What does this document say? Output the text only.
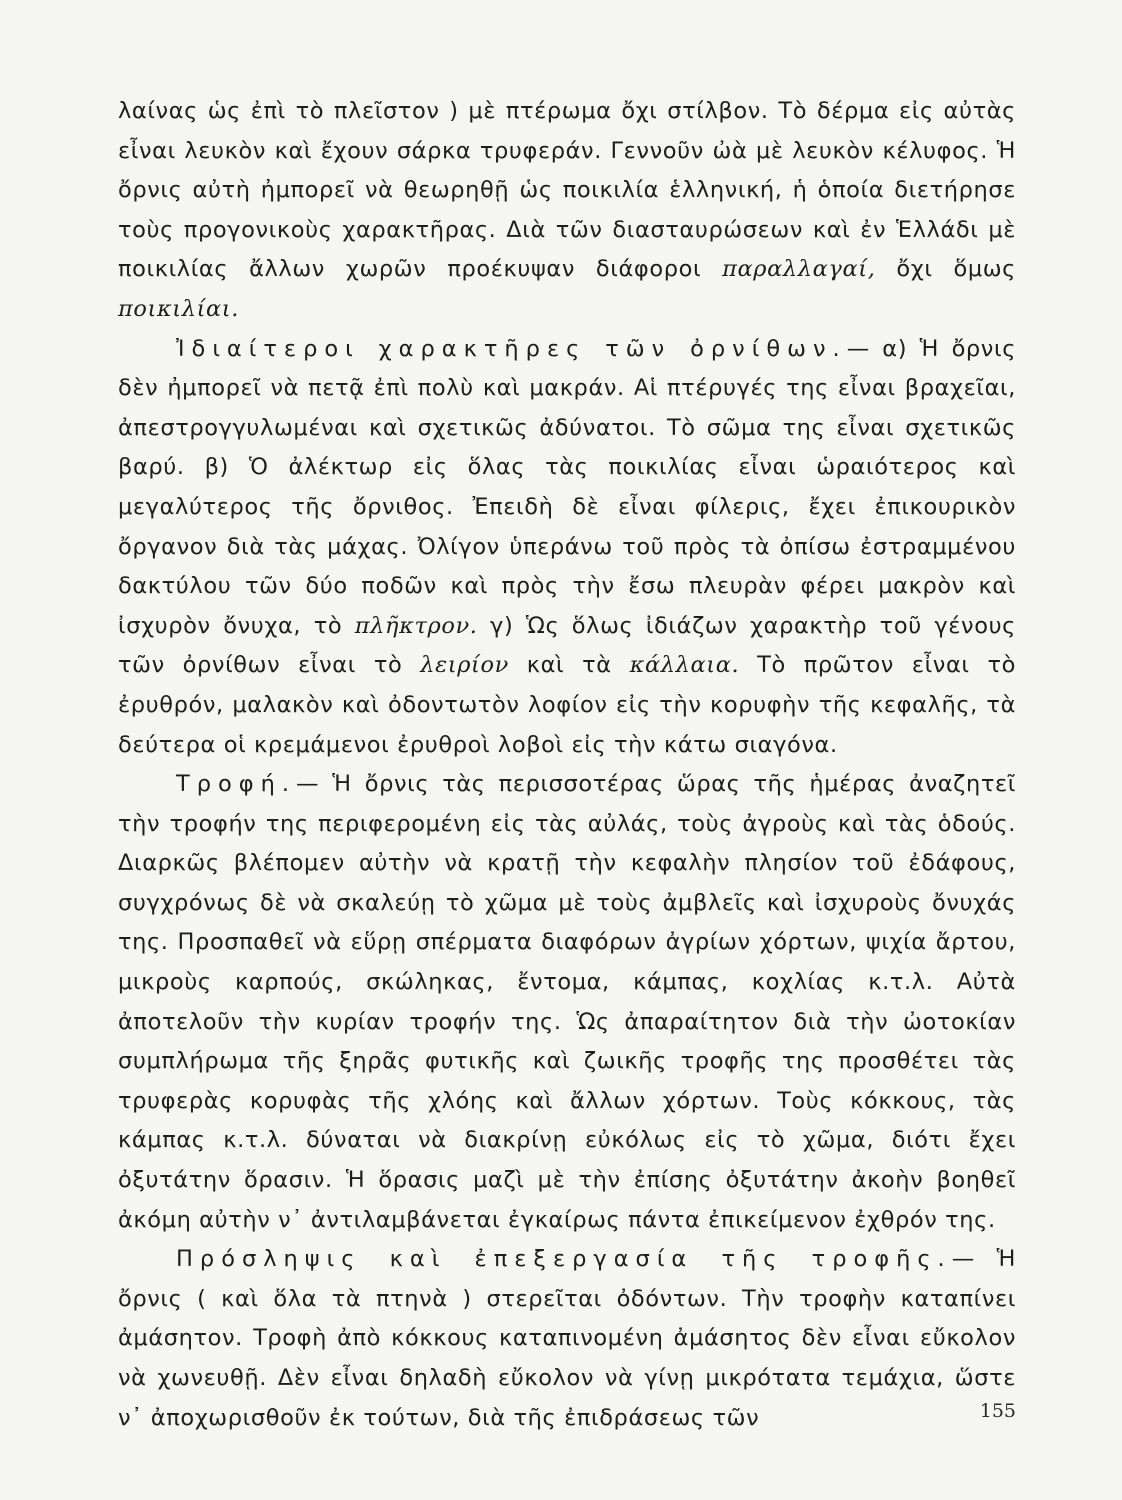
λαίνας ὡς ἐπὶ τὸ πλεῖστον ) μὲ πτέρωμα ὄχι στίλβον. Τὸ δέρμα εἰς αὐτὰς εἶναι λευκὸν καὶ ἔχουν σάρκα τρυφεράν. Γεννοῦν ὠὰ μὲ λευκὸν κέλυφος. Ἡ ὄρνις αὐτὴ ἠμπορεῖ νὰ θεωρηθῇ ὡς ποικιλία ἑλληνική, ἡ ὁποία διετήρησε τοὺς προγονικοὺς χαρακτῆρας. Διὰ τῶν διασταυρώσεων καὶ ἐν Ἑλλάδι μὲ ποικιλίας ἄλλων χωρῶν προέκυψαν διάφοροι παραλλαγαί, ὄχι ὅμως ποικιλίαι.

Ἰδιαίτεροι χαρακτῆρες τῶν ὀρνίθων.— α) Ἡ ὄρνις δὲν ἠμπορεῖ νὰ πετᾷ ἐπὶ πολὺ καὶ μακράν. Αἱ πτέρυγές της εἶναι βραχεῖαι, ἀπεστρογγυλωμέναι καὶ σχετικῶς ἀδύνατοι. Τὸ σῶμα της εἶναι σχετικῶς βαρύ. β) Ὁ ἀλέκτωρ εἰς ὅλας τὰς ποικιλίας εἶναι ὡραιότερος καὶ μεγαλύτερος τῆς ὄρνιθος. Ἐπειδὴ δὲ εἶναι φίλερις, ἔχει ἐπικουρικὸν ὄργανον διὰ τὰς μάχας. Ὀλίγον ὑπεράνω τοῦ πρὸς τὰ ὀπίσω ἐστραμμένου δακτύλου τῶν δύο ποδῶν καὶ πρὸς τὴν ἔσω πλευρὰν φέρει μακρὸν καὶ ἰσχυρὸν ὄνυχα, τὸ πλῆκτρον. γ) Ὡς ὅλως ἰδιάζων χαρακτὴρ τοῦ γένους τῶν ὀρνίθων εἶναι τὸ λειρίον καὶ τὰ κάλλαια. Τὸ πρῶτον εἶναι τὸ ἐρυθρόν, μαλακὸν καὶ ὀδοντωτὸν λοφίον εἰς τὴν κορυφὴν τῆς κεφαλῆς, τὰ δεύτερα οἱ κρεμάμενοι ἐρυθροὶ λοβοὶ εἰς τὴν κάτω σιαγόνα.

Τροφή.— Ἡ ὄρνις τὰς περισσοτέρας ὥρας τῆς ἡμέρας ἀναζητεῖ τὴν τροφήν της περιφερομένη εἰς τὰς αὐλάς, τοὺς ἀγροὺς καὶ τὰς ὁδούς. Διαρκῶς βλέπομεν αὐτὴν νὰ κρατῇ τὴν κεφαλὴν πλησίον τοῦ ἐδάφους, συγχρόνως δὲ νὰ σκαλεύῃ τὸ χῶμα μὲ τοὺς ἀμβλεῖς καὶ ἰσχυροὺς ὄνυχάς της. Προσπαθεῖ νὰ εὕρῃ σπέρματα διαφόρων ἀγρίων χόρτων, ψιχία ἄρτου, μικροὺς καρπούς, σκώληκας, ἔντομα, κάμπας, κοχλίας κ.τ.λ. Αὐτὰ ἀποτελοῦν τὴν κυρίαν τροφήν της. Ὡς ἀπαραίτητον διὰ τὴν ὠοτοκίαν συμπλήρωμα τῆς ξηρᾶς φυτικῆς καὶ ζωικῆς τροφῆς της προσθέτει τὰς τρυφερὰς κορυφὰς τῆς χλόης καὶ ἄλλων χόρτων. Τοὺς κόκκους, τὰς κάμπας κ.τ.λ. δύναται νὰ διακρίνῃ εὐκόλως εἰς τὸ χῶμα, διότι ἔχει ὀξυτάτην ὅρασιν. Ἡ ὅρασις μαζὶ μὲ τὴν ἐπίσης ὀξυτάτην ἀκοὴν βοηθεῖ ἀκόμη αὐτὴν ν᾽ ἀντιλαμβάνεται ἐγκαίρως πάντα ἐπικείμενον ἐχθρόν της.

Πρόσληψις καὶ ἐπεξεργασία τῆς τροφῆς.— Ἡ ὄρνις ( καὶ ὅλα τὰ πτηνὰ ) στερεῖται ὀδόντων. Τὴν τροφὴν καταπίνει ἀμάσητον. Τροφὴ ἀπὸ κόκκους καταπινομένη ἀμάσητος δὲν εἶναι εὔκολον νὰ χωνευθῇ. Δὲν εἶναι δηλαδὴ εὔκολον νὰ γίνῃ μικρότατα τεμάχια, ὥστε ν᾽ ἀποχωρισθοῦν ἐκ τούτων, διὰ τῆς ἐπιδράσεως τῶν	155
